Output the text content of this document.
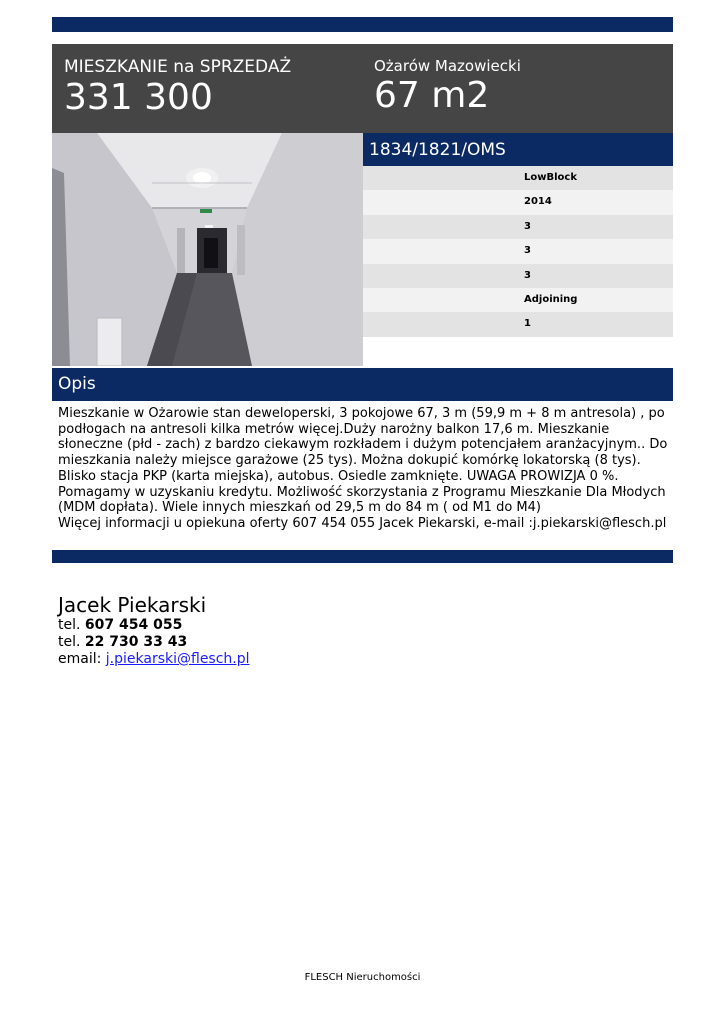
MIESZKANIE na SPRZEDAŻ
331 300
Ożarów Mazowiecki
67 m2
1834/1821/OMS
LowBlock
2014
3
3
3
Adjoining
1
Opis

Mieszkanie w Ożarowie stan deweloperski, 3 pokojowe 67, 3 m (59,9 m + 8 m antresola) , po podłogach na antresoli kilka metrów więcej.Duży narożny balkon 17,6 m. Mieszkanie słoneczne (płd - zach) z bardzo ciekawym rozkładem i dużym potencjałem aranżacyjnym.. Do mieszkania należy miejsce garażowe (25 tys). Można dokupić komórkę lokatorską (8 tys). Blisko stacja PKP (karta miejska), autobus. Osiedle zamknięte. UWAGA PROWIZJA 0 %. Pomagamy w uzyskaniu kredytu. Możliwość skorzystania z Programu Mieszkanie Dla Młodych (MDM dopłata). Wiele innych mieszkań od 29,5 m do 84 m ( od M1 do M4)

Więcej informacji u opiekuna oferty 607 454 055 Jacek Piekarski, e-mail :j.piekarski@flesch.pl

Jacek Piekarski
tel. 607 454 055
tel. 22 730 33 43
email: j.piekarski@flesch.pl
FLESCH Nieruchomości
